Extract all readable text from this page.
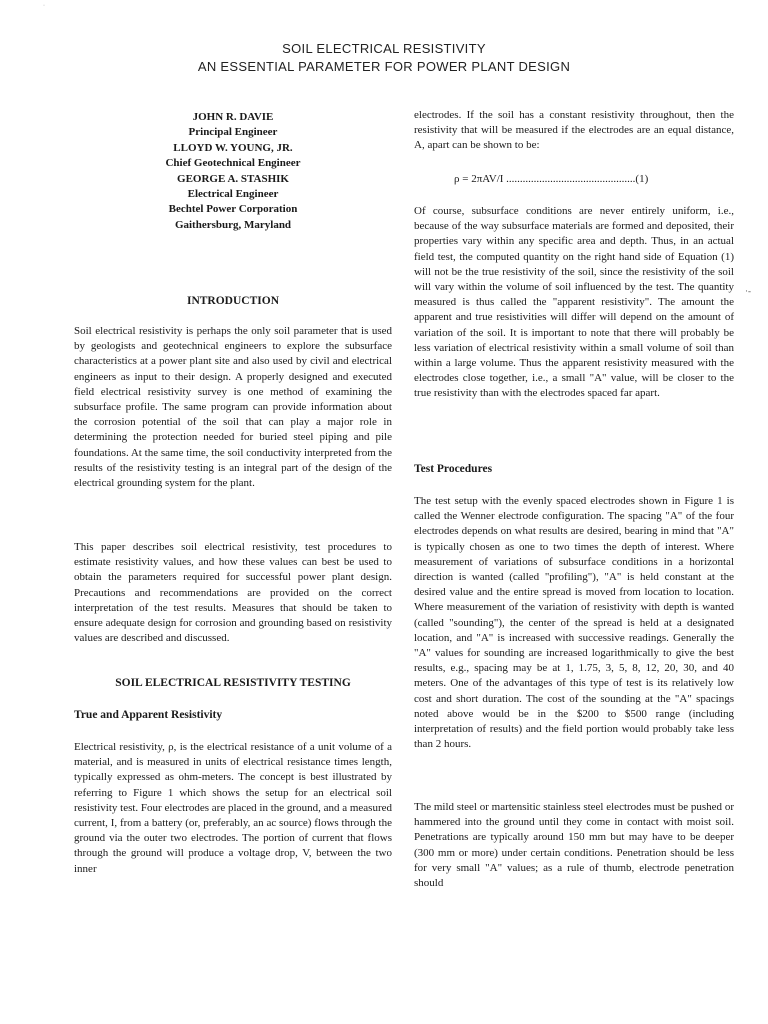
·
SOIL ELECTRICAL RESISTIVITY
AN ESSENTIAL PARAMETER FOR POWER PLANT DESIGN
JOHN R. DAVIE
Principal Engineer
LLOYD W. YOUNG, JR.
Chief Geotechnical Engineer
GEORGE A. STASHIK
Electrical Engineer
Bechtel Power Corporation
Gaithersburg, Maryland
INTRODUCTION

Soil electrical resistivity is perhaps the only soil parameter that is used by geologists and geotechnical engineers to explore the subsurface characteristics at a power plant site and also used by civil and electrical engineers as input to their design. A properly designed and executed field electrical resistivity survey is one method of examining the subsurface profile. The same program can provide information about the corrosion potential of the soil that can play a major role in determining the protection needed for buried steel piping and pile foundations. At the same time, the soil conductivity interpreted from the results of the resistivity testing is an integral part of the design of the electrical grounding system for the plant.

This paper describes soil electrical resistivity, test procedures to estimate resistivity values, and how these values can best be used to obtain the parameters required for successful power plant design. Precautions and recommendations are provided on the correct interpretation of the test results. Measures that should be taken to ensure adequate design for corrosion and grounding based on resistivity values are described and discussed.

SOIL ELECTRICAL RESISTIVITY TESTING
True and Apparent Resistivity

Electrical resistivity, ρ, is the electrical resistance of a unit volume of a material, and is measured in units of electrical resistance times length, typically expressed as ohm-meters. The concept is best illustrated by referring to Figure 1 which shows the setup for an electrical soil resistivity test. Four electrodes are placed in the ground, and a measured current, I, from a battery (or, preferably, an ac source) flows through the ground via the outer two electrodes. The portion of current that flows through the ground will produce a voltage drop, V, between the two inner

electrodes. If the soil has a constant resistivity throughout, then the resistivity that will be measured if the electrodes are an equal distance, A, apart can be shown to be:

ρ = 2πAV/I ...............................................(1)

Of course, subsurface conditions are never entirely uniform, i.e., because of the way subsurface materials are formed and deposited, their properties vary within any specific area and depth. Thus, in an actual field test, the computed quantity on the right hand side of Equation (1) will not be the true resistivity of the soil, since the resistivity of the soil will vary within the volume of soil influenced by the test. The quantity measured is thus called the "apparent resistivity". The amount the apparent and true resistivities will differ will depend on the amount of variation of the soil. It is important to note that there will probably be less variation of electrical resistivity within a small volume of soil than within a large volume. Thus the apparent resistivity measured with the electrodes close together, i.e., a small "A" value, will be closer to the true resistivity than with the electrodes spaced far apart.

Test Procedures

The test setup with the evenly spaced electrodes shown in Figure 1 is called the Wenner electrode configuration. The spacing "A" of the four electrodes depends on what results are desired, bearing in mind that "A" is typically chosen as one to two times the depth of interest. Where measurement of variations of subsurface conditions in a horizontal direction is wanted (called "profiling"), "A" is held constant at the desired value and the entire spread is moved from location to location. Where measurement of the variation of resistivity with depth is wanted (called "sounding"), the center of the spread is held at a designated location, and "A" is increased with successive readings. Generally the "A" values for sounding are increased logarithmically to give the best results, e.g., spacing may be at 1, 1.75, 3, 5, 8, 12, 20, 30, and 40 meters. One of the advantages of this type of test is its relatively low cost and short duration. The cost of the sounding at the "A" spacings noted above would be in the $200 to $500 range (including interpretation of results) and the field portion would probably take less than 2 hours.

The mild steel or martensitic stainless steel electrodes must be pushed or hammered into the ground until they come in contact with moist soil. Penetrations are typically around 150 mm but may have to be deeper (300 mm or more) under certain conditions. Penetration should be less for very small "A" values; as a rule of thumb, electrode penetration should

·-
